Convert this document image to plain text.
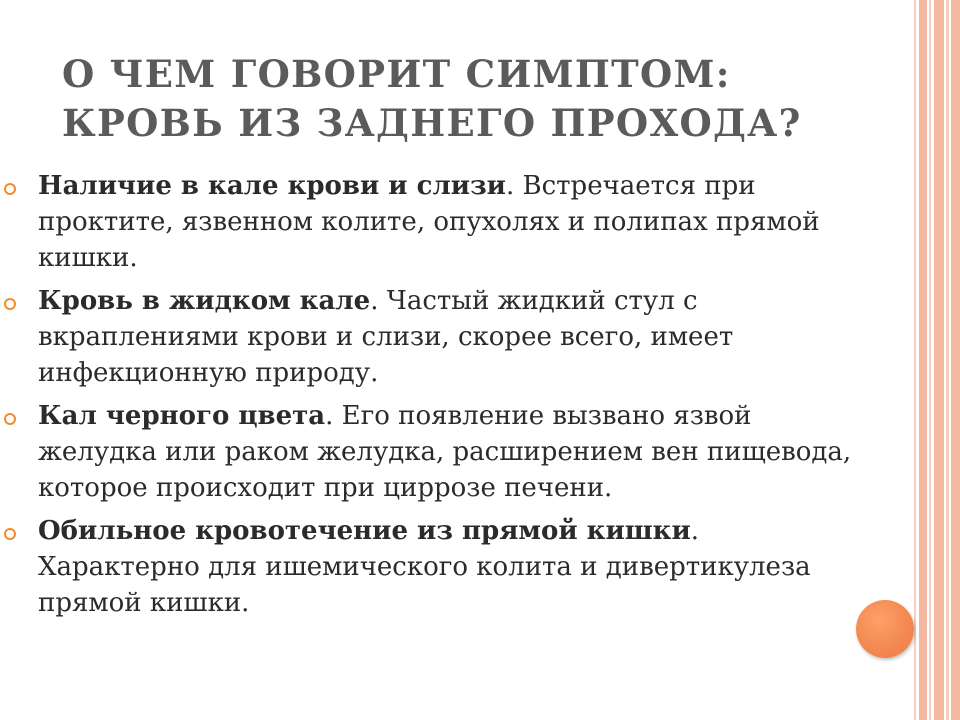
О ЧЕМ ГОВОРИТ СИМПТОМ:
КРОВЬ ИЗ ЗАДНЕГО ПРОХОДА?
Наличие в кале крови и слизи. Встречается при проктите, язвенном колите, опухолях и полипах прямой кишки.
Кровь в жидком кале. Частый жидкий стул с вкраплениями крови и слизи, скорее всего, имеет инфекционную природу.
Кал черного цвета. Его появление вызвано язвой желудка или раком желудка, расширением вен пищевода, которое происходит при циррозе печени.
Обильное кровотечение из прямой кишки. Характерно для ишемического колита и дивертикулеза прямой кишки.
